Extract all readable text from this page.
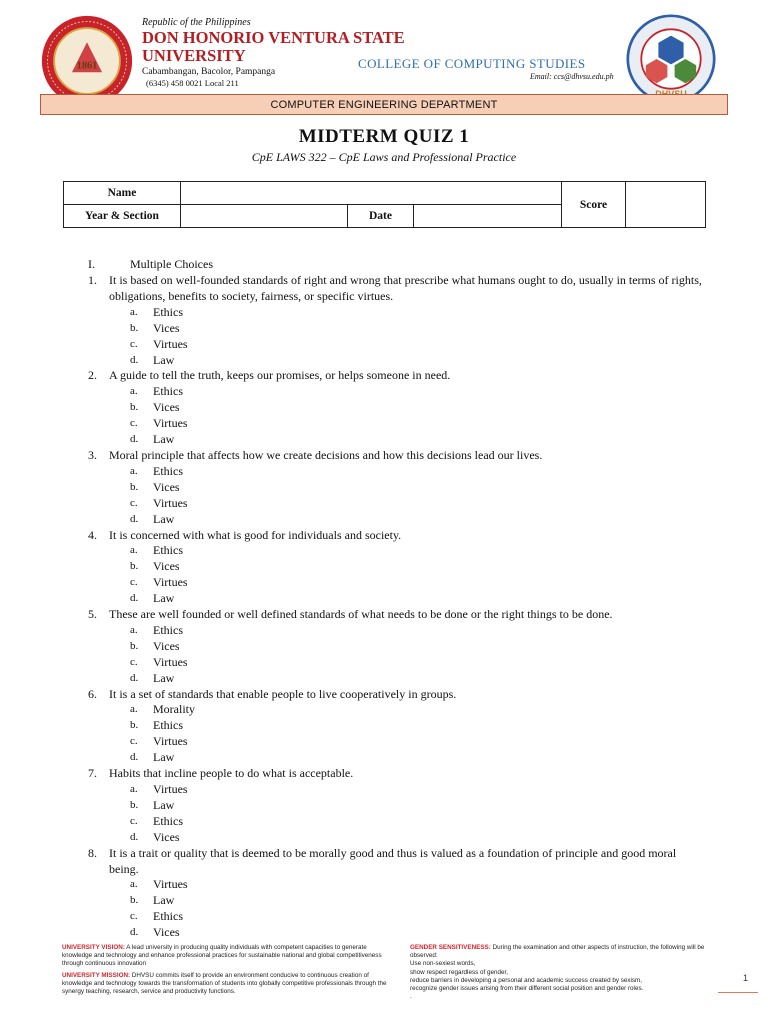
1861
Republic of the Philippines
DON HONORIO VENTURA STATE
UNIVERSITY
Cabambangan, Bacolor, Pampanga
(6345) 458 0021 Local 211
COLLEGE OF COMPUTING STUDIES
Email: ccs@dhvsu.edu.ph
COMPUTER ENGINEERING DEPARTMENT
MIDTERM QUIZ 1
CpE LAWS 322 – CpE Laws and Professional Practice
Name				Score	
Year & Section		Date			
I.	Multiple Choices
1.	It is based on well-founded standards of right and wrong that prescribe what humans ought to do, usually in terms of rights, obligations, benefits to society, fairness, or specific virtues.
a.	Ethics
b.	Vices
c.	Virtues
d.	Law
2.	A guide to tell the truth, keeps our promises, or helps someone in need.
a.	Ethics
b.	Vices
c.	Virtues
d.	Law
3.	Moral principle that affects how we create decisions and how this decisions lead our lives.
a.	Ethics
b.	Vices
c.	Virtues
d.	Law
4.	It is concerned with what is good for individuals and society.
a.	Ethics
b.	Vices
c.	Virtues
d.	Law
5.	These are well founded or well defined standards of what needs to be done or the right things to be done.
a.	Ethics
b.	Vices
c.	Virtues
d.	Law
6.	It is a set of standards that enable people to live cooperatively in groups.
a.	Morality
b.	Ethics
c.	Virtues
d.	Law
7.	Habits that incline people to do what is acceptable.
a.	Virtues
b.	Law
c.	Ethics
d.	Vices
8.	It is a trait or quality that is deemed to be morally good and thus is valued as a foundation of principle and good moral being.
a.	Virtues
b.	Law
c.	Ethics
d.	Vices
UNIVERSITY VISION: A lead university in producing quality individuals with competent capacities to generate knowledge and technology and enhance professional practices for sustainable national and global competitiveness through continuous innovation
UNIVERSITY MISSION: DHVSU commits itself to provide an environment conducive to continuous creation of knowledge and technology towards the transformation of students into globally competitive professionals through the synergy teaching, research, service and productivity functions.
GENDER SENSITIVENESS: During the examination and other aspects of instruction, the following will be observed:
Use non-sexiest words,
show respect regardless of gender,
reduce barriers in developing a personal and academic success created by sexism,
recognize gender issues arising from their different social position and gender roles.
.
1
